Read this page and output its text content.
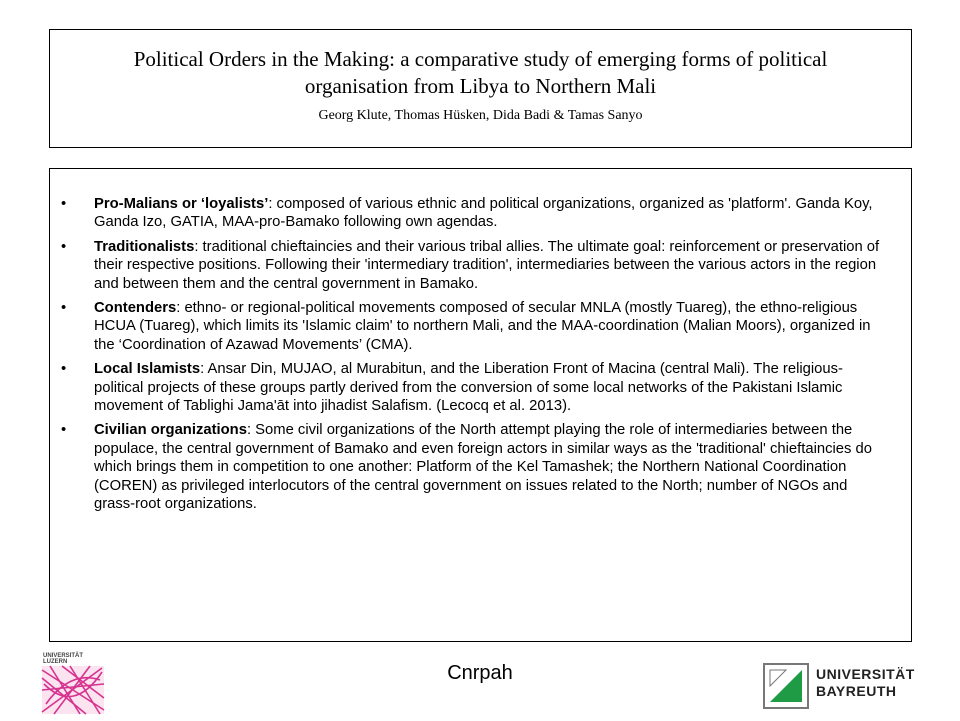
Political Orders in the Making: a comparative study of emerging forms of political organisation from Libya to Northern Mali
Georg Klute, Thomas Hüsken, Dida Badi & Tamas Sanyo
• Pro-Malians or ‘loyalists’: composed of various ethnic and political organizations, organized as 'platform'. Ganda Koy, Ganda Izo, GATIA, MAA-pro-Bamako following own agendas.
• Traditionalists: traditional chieftaincies and their various tribal allies. The ultimate goal: reinforcement or preservation of their respective positions. Following their 'intermediary tradition', intermediaries between the various actors in the region and between them and the central government in Bamako.
• Contenders: ethno- or regional-political movements composed of secular MNLA (mostly Tuareg), the ethno-religious HCUA (Tuareg), which limits its 'Islamic claim' to northern Mali, and the MAA-coordination (Malian Moors), organized in the ‘Coordination of Azawad Movements’ (CMA).
• Local Islamists: Ansar Din, MUJAO, al Murabitun, and the Liberation Front of Macina (central Mali). The religious-political projects of these groups partly derived from the conversion of some local networks of the Pakistani Islamic movement of Tablighi Jama'āt into jihadist Salafism. (Lecocq et al. 2013).
• Civilian organizations: Some civil organizations of the North attempt playing the role of intermediaries between the populace, the central government of Bamako and even foreign actors in similar ways as the 'traditional' chieftaincies do which brings them in competition to one another: Platform of the Kel Tamashek; the Northern National Coordination (COREN) as privileged interlocutors of the central government on issues related to the North; number of NGOs and grass-root organizations.
UNIVERSITÄT
LUZERN	Cnrpah	UNIVERSITÄT
BAYREUTH
